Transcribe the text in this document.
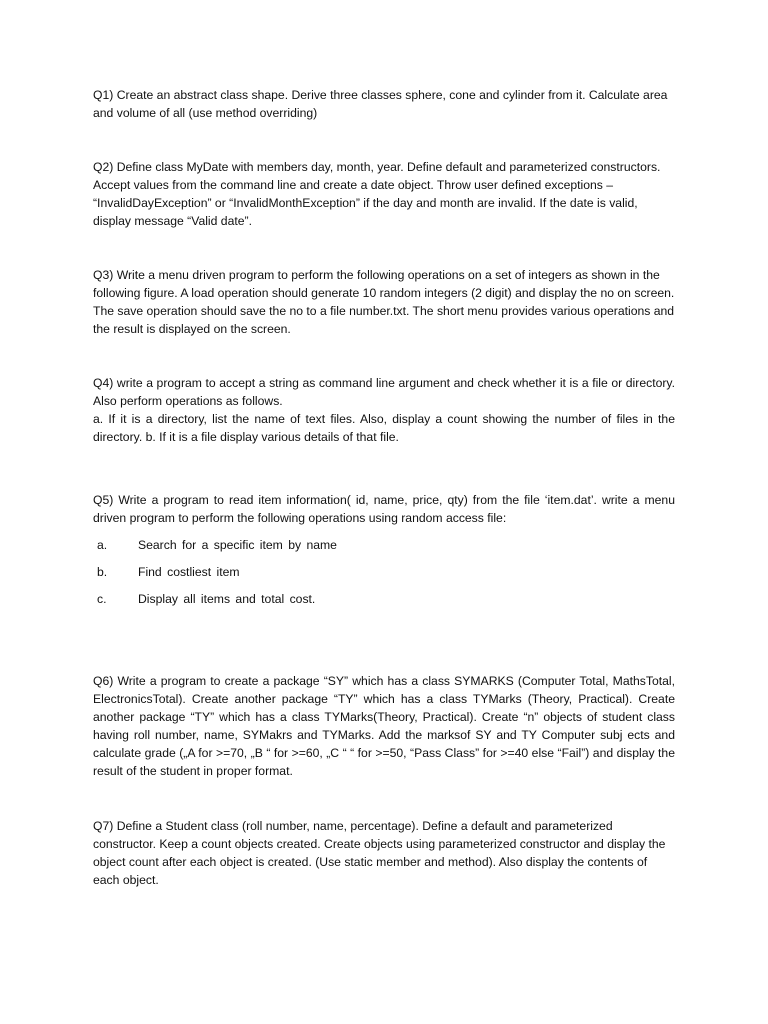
Q1) Create an abstract class shape. Derive three classes sphere, cone and cylinder from it. Calculate area and volume of all (use method overriding)

Q2) Define class MyDate with members day, month, year. Define default and parameterized constructors. Accept values from the command line and create a date object. Throw user defined exceptions – “InvalidDayException” or “InvalidMonthException” if the day and month are invalid. If the date is valid, display message “Valid date”.

Q3) Write a menu driven program to perform the following operations on a set of integers as shown in the following figure. A load operation should generate 10 random integers (2 digit) and display the no on screen. The save operation should save the no to a file number.txt. The short menu provides various operations and the result is displayed on the screen.

Q4) write a program to accept a string as command line argument and check whether it is a file or directory. Also perform operations as follows.

a. If it is a directory, list the name of text files. Also, display a count showing the number of files in the directory. b. If it is a file display various details of that file.

Q5) Write a program to read item information( id, name, price, qty) from the file ‘item.dat’. write a menu driven program to perform the following operations using random access file:

a.	Search for a specific item by name
b.	Find costliest item
c.	Display all items and total cost.

Q6) Write a program to create a package “SY” which has a class SYMARKS (Computer Total, MathsTotal, ElectronicsTotal). Create another package “TY” which has a class TYMarks (Theory, Practical). Create another package “TY” which has a class TYMarks(Theory, Practical). Create “n” objects of student class having roll number, name, SYMakrs and TYMarks. Add the marksof SY and TY Computer subj ects and calculate grade („A for >=70, „B “ for >=60, „C “ “ for >=50, “Pass Class” for >=40 else “Fail”) and display the result of the student in proper format.

Q7) Define a Student class (roll number, name, percentage). Define a default and parameterized constructor. Keep a count objects created. Create objects using parameterized constructor and display the object count after each object is created. (Use static member and method). Also display the contents of each object.
